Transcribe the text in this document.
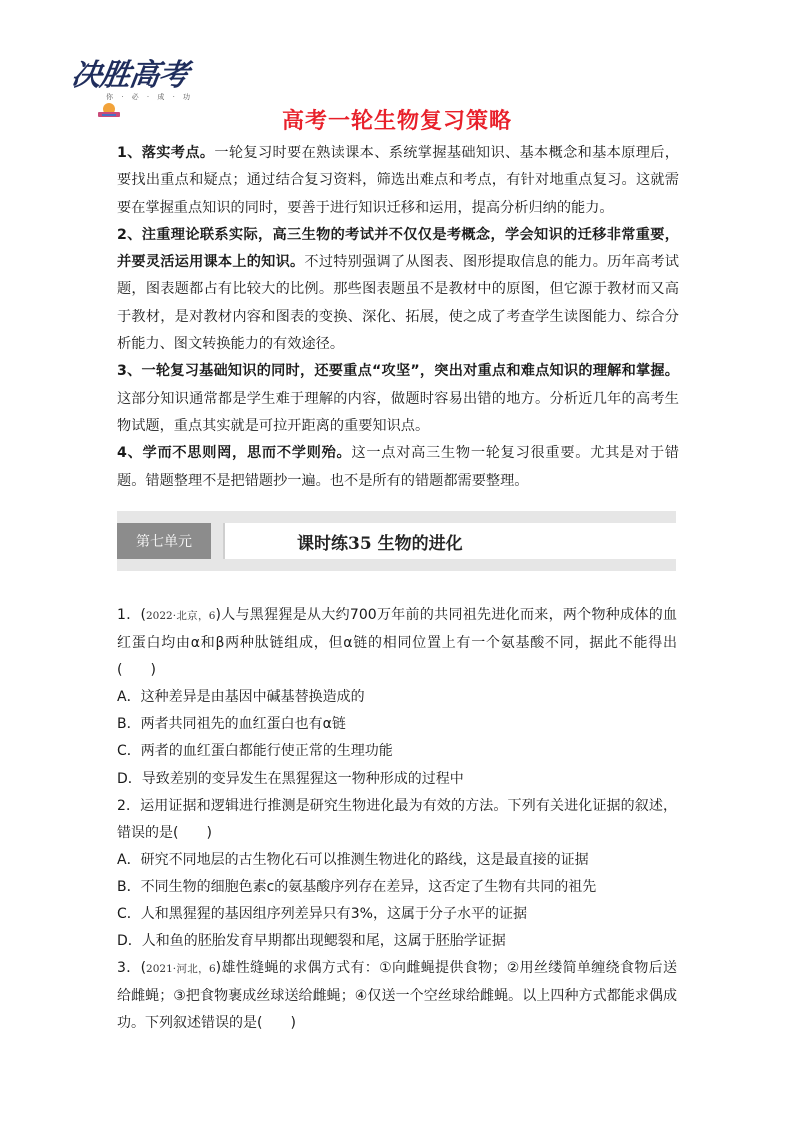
决胜高考
你 · 必 · 成 · 功
高考一轮生物复习策略

1、落实考点。一轮复习时要在熟读课本、系统掌握基础知识、基本概念和基本原理后，要找出重点和疑点；通过结合复习资料，筛选出难点和考点，有针对地重点复习。这就需要在掌握重点知识的同时，要善于进行知识迁移和运用，提高分析归纳的能力。

2、注重理论联系实际，高三生物的考试并不仅仅是考概念，学会知识的迁移非常重要，并要灵活运用课本上的知识。不过特别强调了从图表、图形提取信息的能力。历年高考试题，图表题都占有比较大的比例。那些图表题虽不是教材中的原图，但它源于教材而又高于教材，是对教材内容和图表的变换、深化、拓展，使之成了考查学生读图能力、综合分析能力、图文转换能力的有效途径。

3、一轮复习基础知识的同时，还要重点“攻坚”，突出对重点和难点知识的理解和掌握。这部分知识通常都是学生难于理解的内容，做题时容易出错的地方。分析近几年的高考生物试题，重点其实就是可拉开距离的重要知识点。

4、学而不思则罔，思而不学则殆。这一点对高三生物一轮复习很重要。尤其是对于错题。错题整理不是把错题抄一遍。也不是所有的错题都需要整理。

第七单元	课时练35 生物的进化

1．(2022·北京，6)人与黑猩猩是从大约700万年前的共同祖先进化而来，两个物种成体的血红蛋白均由α和β两种肽链组成，但α链的相同位置上有一个氨基酸不同，据此不能得出(　　)

A．这种差异是由基因中碱基替换造成的

B．两者共同祖先的血红蛋白也有α链

C．两者的血红蛋白都能行使正常的生理功能

D．导致差别的变异发生在黑猩猩这一物种形成的过程中

2．运用证据和逻辑进行推测是研究生物进化最为有效的方法。下列有关进化证据的叙述，错误的是(　　)

A．研究不同地层的古生物化石可以推测生物进化的路线，这是最直接的证据

B．不同生物的细胞色素c的氨基酸序列存在差异，这否定了生物有共同的祖先

C．人和黑猩猩的基因组序列差异只有3%，这属于分子水平的证据

D．人和鱼的胚胎发育早期都出现鳃裂和尾，这属于胚胎学证据

3．(2021·河北，6)雄性缝蝇的求偶方式有：①向雌蝇提供食物；②用丝缕简单缠绕食物后送给雌蝇；③把食物裹成丝球送给雌蝇；④仅送一个空丝球给雌蝇。以上四种方式都能求偶成功。下列叙述错误的是(　　)
